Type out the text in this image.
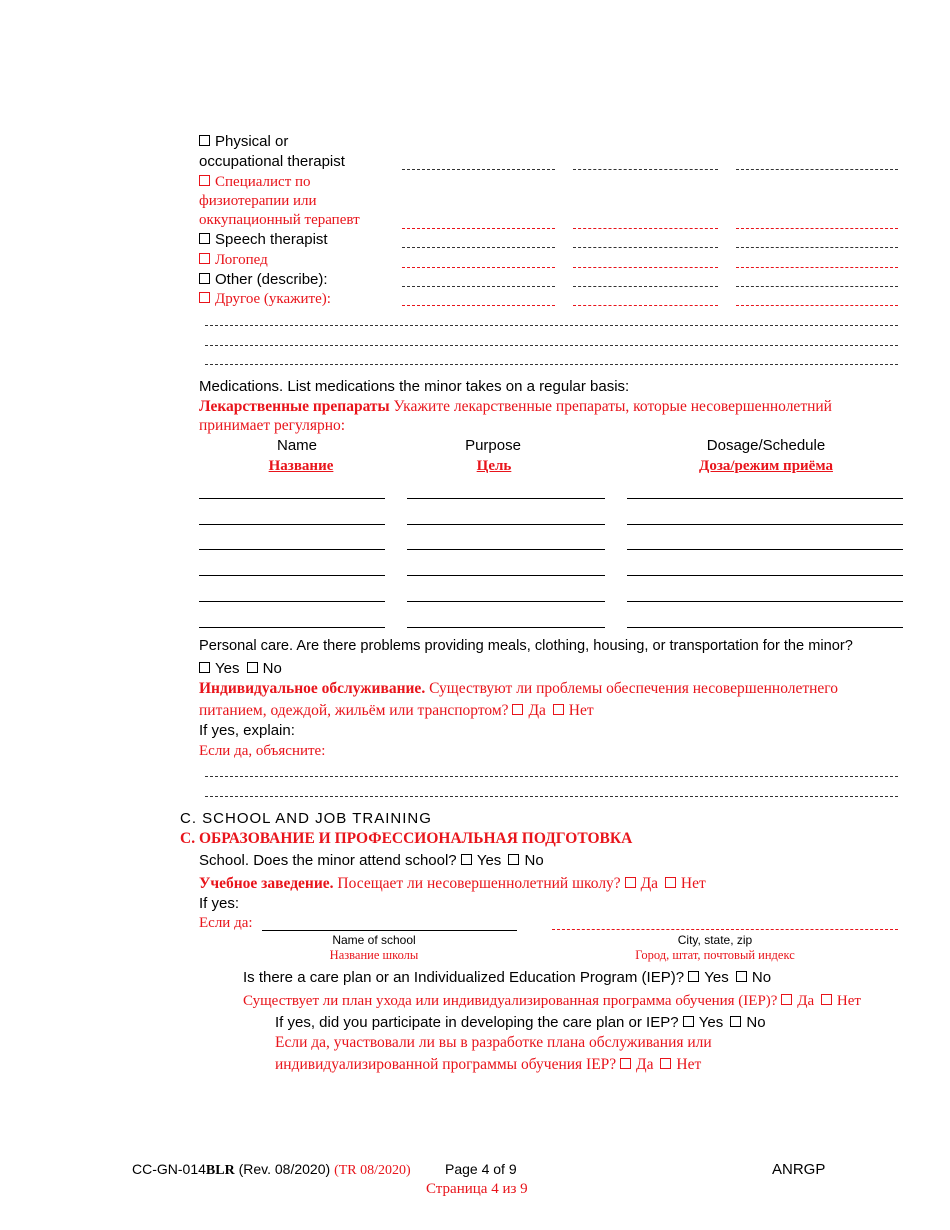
Physical or
occupational therapist
Специалист по
физиотерапии или
оккупационный терапевт
Speech therapist
Логопед
Other (describe):
Другое (укажите):
Medications. List medications the minor takes on a regular basis:
Лекарственные препараты Укажите лекарственные препараты, которые несовершеннолетний
принимает регулярно:
Name
Название
Purpose
Цель
Dosage/Schedule
Доза/режим приёма
Personal care. Are there problems providing meals, clothing, housing, or transportation for the minor?
Yes No
Индивидуальное обслуживание. Существуют ли проблемы обеспечения несовершеннолетнего
питанием, одеждой, жильём или транспортом? Да Нет
If yes, explain:
Если да, объясните:
C. SCHOOL AND JOB TRAINING
С. ОБРАЗОВАНИЕ И ПРОФЕССИОНАЛЬНАЯ ПОДГОТОВКА
School. Does the minor attend school? Yes No
Учебное заведение. Посещает ли несовершеннолетний школу? Да Нет
If yes:
Если да:
Name of school
Название школы
City, state, zip
Город, штат, почтовый индекс
Is there a care plan or an Individualized Education Program (IEP)? Yes No
Существует ли план ухода или индивидуализированная программа обучения (IEP)? Да Нет
If yes, did you participate in developing the care plan or IEP? Yes No
Если да, участвовали ли вы в разработке плана обслуживания или
индивидуализированной программы обучения IEP? Да Нет
CC-GN-014BLR (Rev. 08/2020) (TR 08/2020) Page 4 of 9
Страница 4 из 9
ANRGP
